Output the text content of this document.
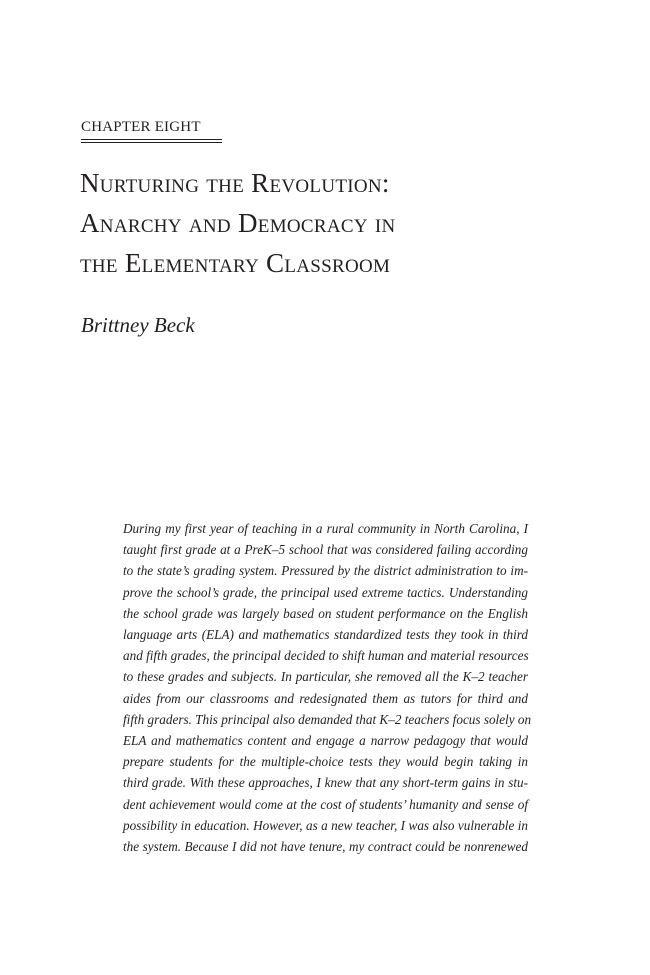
CHAPTER EIGHT
Nurturing the Revolution:
Anarchy and Democracy in
the Elementary Classroom
Brittney Beck
During my first year of teaching in a rural community in North Carolina, I
taught first grade at a PreK–5 school that was considered failing according
to the state’s grading system. Pressured by the district administration to im-
prove the school’s grade, the principal used extreme tactics. Understanding
the school grade was largely based on student performance on the English
language arts (ELA) and mathematics standardized tests they took in third
and fifth grades, the principal decided to shift human and material resources
to these grades and subjects. In particular, she removed all the K–2 teacher
aides from our classrooms and redesignated them as tutors for third and
fifth graders. This principal also demanded that K–2 teachers focus solely on
ELA and mathematics content and engage a narrow pedagogy that would
prepare students for the multiple-choice tests they would begin taking in
third grade. With these approaches, I knew that any short-term gains in stu-
dent achievement would come at the cost of students’ humanity and sense of
possibility in education. However, as a new teacher, I was also vulnerable in
the system. Because I did not have tenure, my contract could be nonrenewed
